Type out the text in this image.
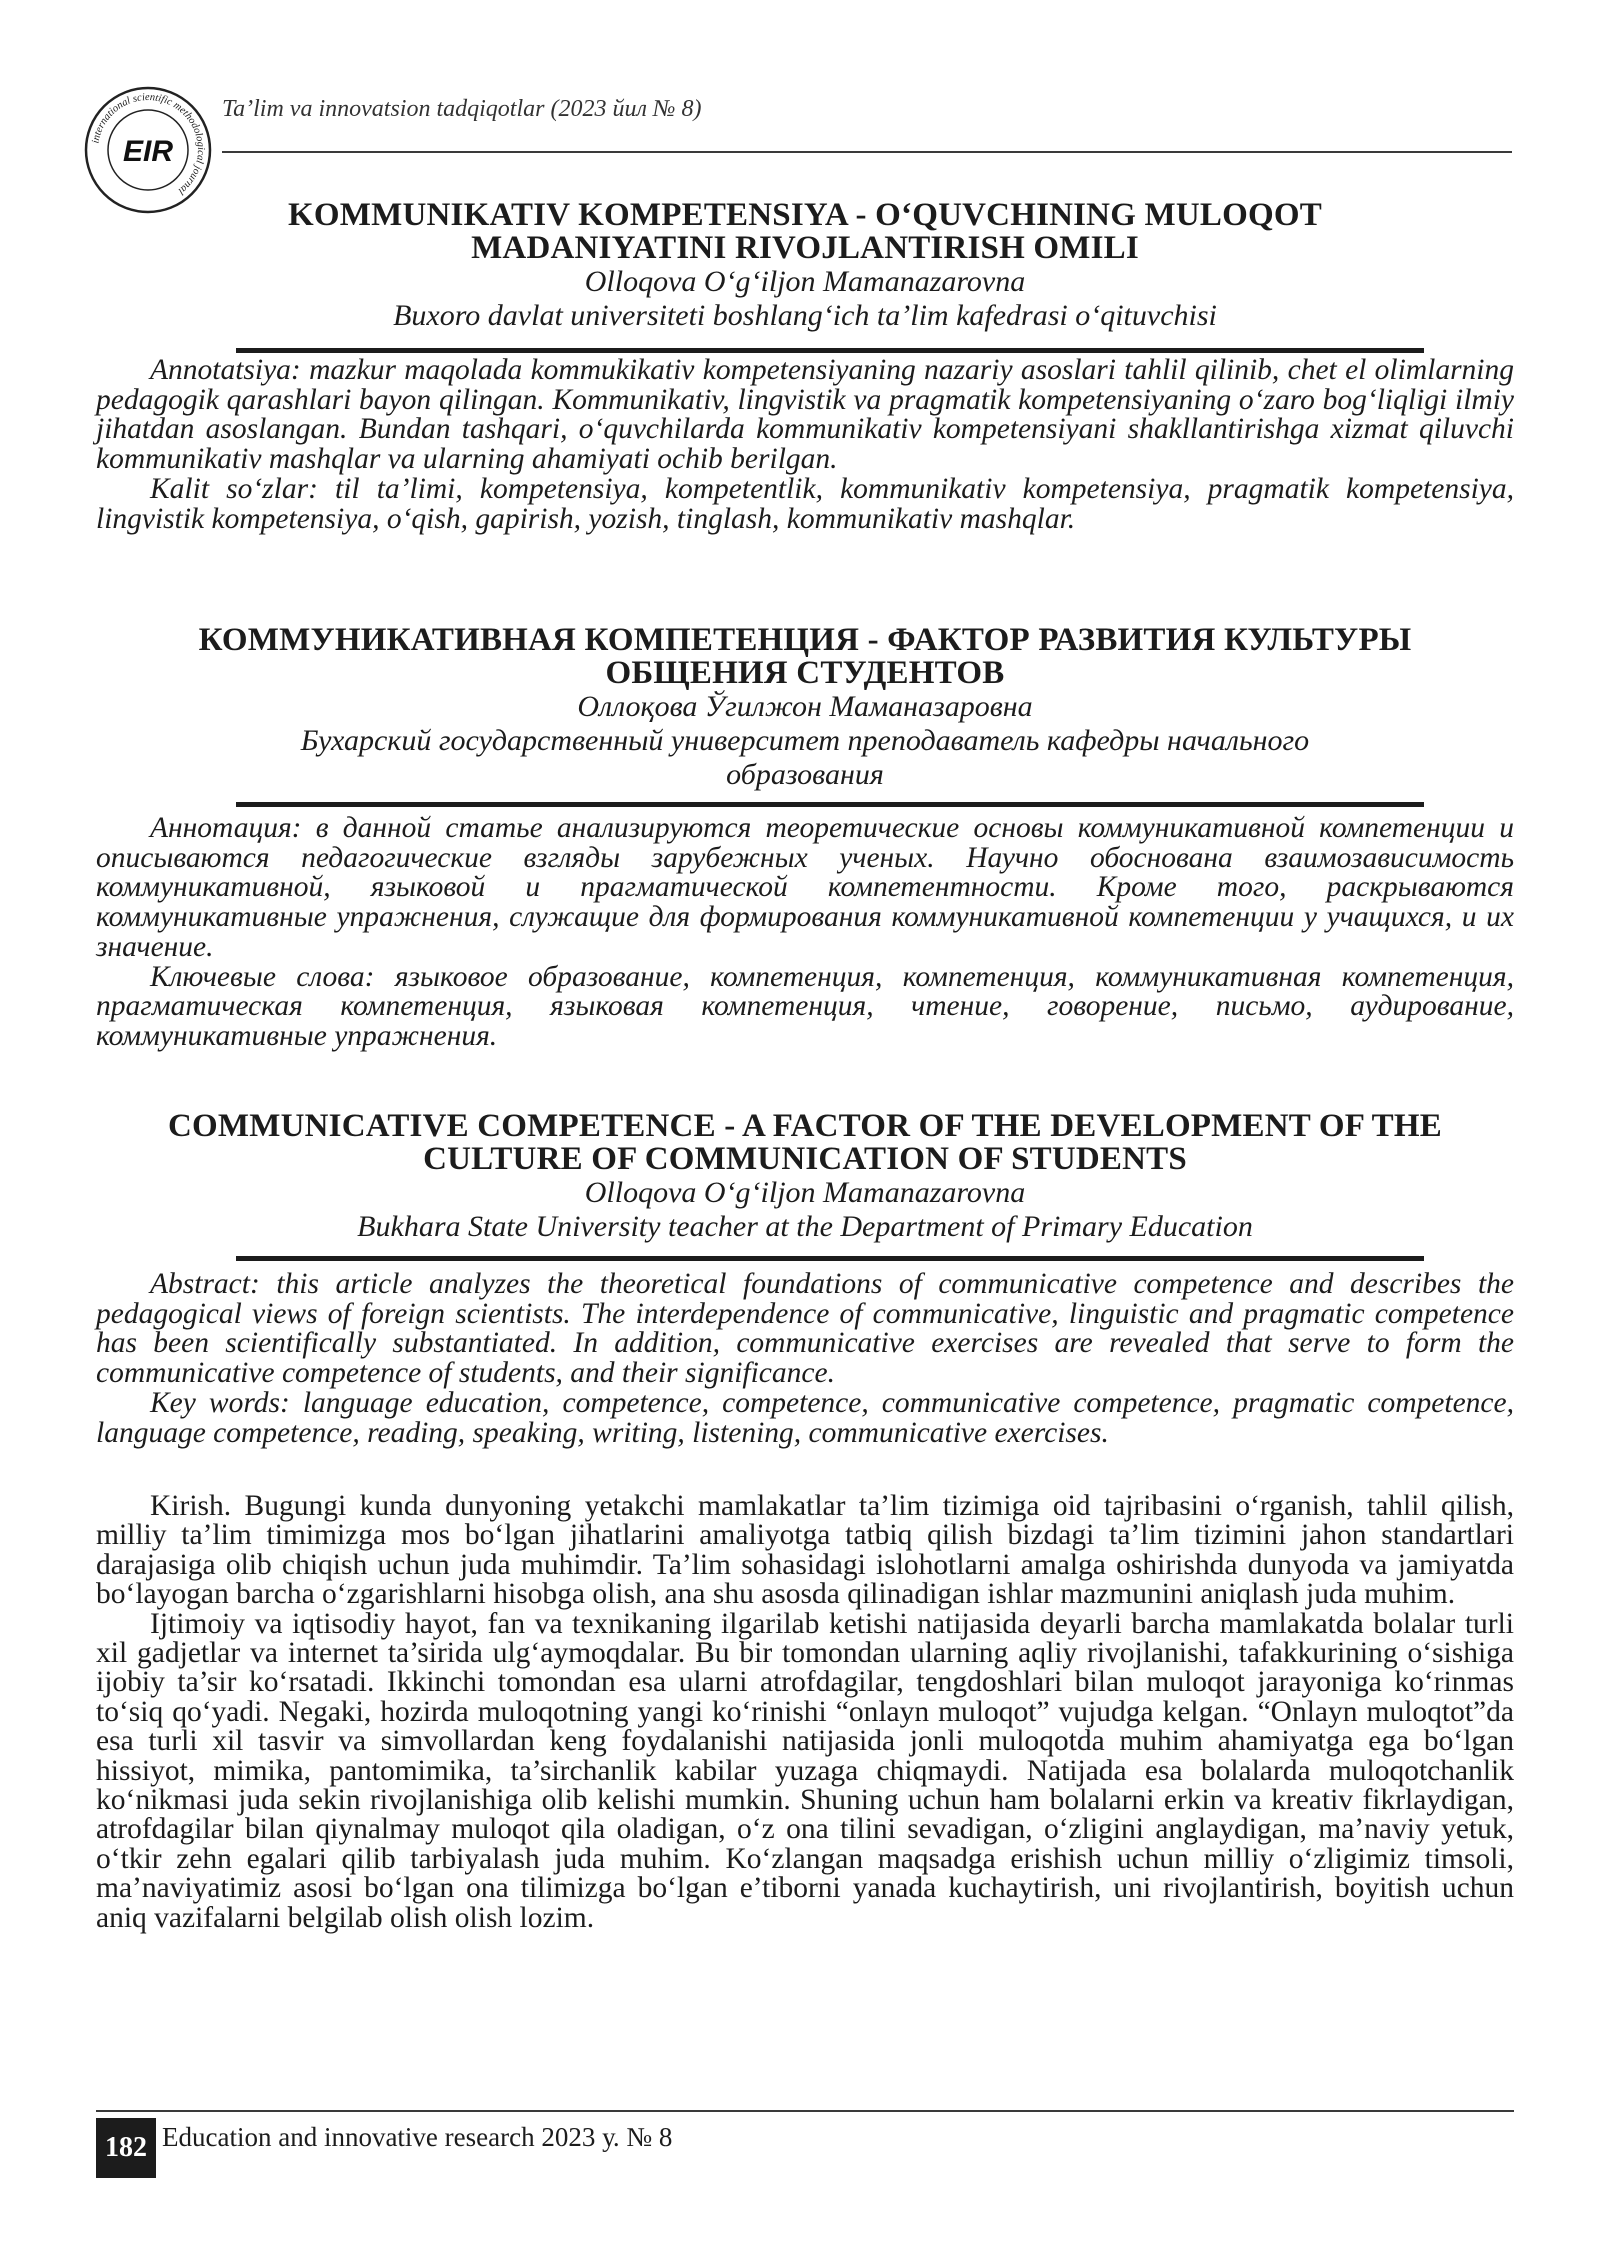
international scientific methodological journal
EIR
Ta’lim va innovatsion tadqiqotlar (2023 йил № 8)
KOMMUNIKATIV KOMPETENSIYA - O‘QUVCHINING MULOQOT
MADANIYATINI RIVOJLANTIRISH OMILI
Olloqova O‘g‘iljon Mamanazarovna
Buxoro davlat universiteti boshlang‘ich ta’lim kafedrasi o‘qituvchisi

Annotatsiya: mazkur maqolada kommukikativ kompetensiyaning nazariy asoslari tahlil qilinib, chet el olimlarning pedagogik qarashlari bayon qilingan. Kommunikativ, lingvistik va pragmatik kompetensiyaning o‘zaro bog‘liqligi ilmiy jihatdan asoslangan. Bundan tashqari, o‘quvchilarda kommunikativ kompetensiyani shakllantirishga xizmat qiluvchi kommunikativ mashqlar va ularning ahamiyati ochib berilgan.

Kalit so‘zlar: til ta’limi, kompetensiya, kompetentlik, kommunikativ kompetensiya, pragmatik kompetensiya, lingvistik kompetensiya, o‘qish, gapirish, yozish, tinglash, kommunikativ mashqlar.

КОММУНИКАТИВНАЯ КОМПЕТЕНЦИЯ - ФАКТОР РАЗВИТИЯ КУЛЬТУРЫ
ОБЩЕНИЯ СТУДЕНТОВ
Оллоқова Ўгилжон Маманазаровна
Бухарский государственный университет преподаватель кафедры начального
образования

Аннотация: в данной статье анализируются теоретические основы коммуникативной компетенции и описываются педагогические взгляды зарубежных ученых. Научно обоснована взаимозависимость коммуникативной, языковой и прагматической компетентности. Кроме того, раскрываются коммуникативные упражнения, служащие для формирования коммуникативной компетенции у учащихся, и их значение.

Ключевые слова: языковое образование, компетенция, компетенция, коммуникативная компетенция, прагматическая компетенция, языковая компетенция, чтение, говорение, письмо, аудирование, коммуникативные упражнения.

COMMUNICATIVE COMPETENCE - A FACTOR OF THE DEVELOPMENT OF THE
CULTURE OF COMMUNICATION OF STUDENTS
Olloqova O‘g‘iljon Mamanazarovna
Bukhara State University teacher at the Department of Primary Education

Abstract: this article analyzes the theoretical foundations of communicative competence and describes the pedagogical views of foreign scientists. The interdependence of communicative, linguistic and pragmatic competence has been scientifically substantiated. In addition, communicative exercises are revealed that serve to form the communicative competence of students, and their significance.

Key words: language education, competence, competence, communicative competence, pragmatic competence, language competence, reading, speaking, writing, listening, communicative exercises.

Kirish. Bugungi kunda dunyoning yetakchi mamlakatlar ta’lim tizimiga oid tajribasini o‘rganish, tahlil qilish, milliy ta’lim timimizga mos bo‘lgan jihatlarini amaliyotga tatbiq qilish bizdagi ta’lim tizimini jahon standartlari darajasiga olib chiqish uchun juda muhimdir. Ta’lim sohasidagi islohotlarni amalga oshirishda dunyoda va jamiyatda bo‘layogan barcha o‘zgarishlarni hisobga olish, ana shu asosda qilinadigan ishlar mazmunini aniqlash juda muhim.

Ijtimoiy va iqtisodiy hayot, fan va texnikaning ilgarilab ketishi natijasida deyarli barcha mamlakatda bolalar turli xil gadjetlar va internet ta’sirida ulg‘aymoqdalar. Bu bir tomondan ularning aqliy rivojlanishi, tafakkurining o‘sishiga ijobiy ta’sir ko‘rsatadi. Ikkinchi tomondan esa ularni atrofdagilar, tengdoshlari bilan muloqot jarayoniga ko‘rinmas to‘siq qo‘yadi. Negaki, hozirda muloqotning yangi ko‘rinishi “onlayn muloqot” vujudga kelgan. “Onlayn muloqtot”da esa turli xil tasvir va simvollardan keng foydalanishi natijasida jonli muloqotda muhim ahamiyatga ega bo‘lgan hissiyot, mimika, pantomimika, ta’sirchanlik kabilar yuzaga chiqmaydi. Natijada esa bolalarda muloqotchanlik ko‘nikmasi juda sekin rivojlanishiga olib kelishi mumkin. Shuning uchun ham bolalarni erkin va kreativ fikrlaydigan, atrofdagilar bilan qiynalmay muloqot qila oladigan, o‘z ona tilini sevadigan, o‘zligini anglaydigan, ma’naviy yetuk, o‘tkir zehn egalari qilib tarbiyalash juda muhim. Ko‘zlangan maqsadga erishish uchun milliy o‘zligimiz timsoli, ma’naviyatimiz asosi bo‘lgan ona tilimizga bo‘lgan e’tiborni yanada kuchaytirish, uni rivojlantirish, boyitish uchun aniq vazifalarni belgilab olish olish lozim.

182 Education and innovative research 2023 у. № 8
